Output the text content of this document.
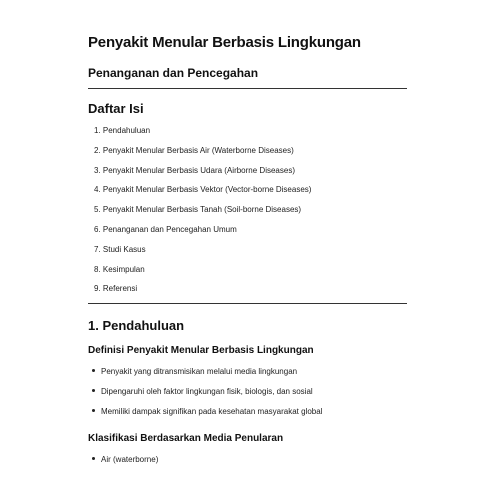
Penyakit Menular Berbasis Lingkungan
Penanganan dan Pencegahan
Daftar Isi
1. Pendahuluan
2. Penyakit Menular Berbasis Air (Waterborne Diseases)
3. Penyakit Menular Berbasis Udara (Airborne Diseases)
4. Penyakit Menular Berbasis Vektor (Vector-borne Diseases)
5. Penyakit Menular Berbasis Tanah (Soil-borne Diseases)
6. Penanganan dan Pencegahan Umum
7. Studi Kasus
8. Kesimpulan
9. Referensi
1. Pendahuluan
Definisi Penyakit Menular Berbasis Lingkungan
Penyakit yang ditransmisikan melalui media lingkungan
Dipengaruhi oleh faktor lingkungan fisik, biologis, dan sosial
Memiliki dampak signifikan pada kesehatan masyarakat global
Klasifikasi Berdasarkan Media Penularan
Air (waterborne)
